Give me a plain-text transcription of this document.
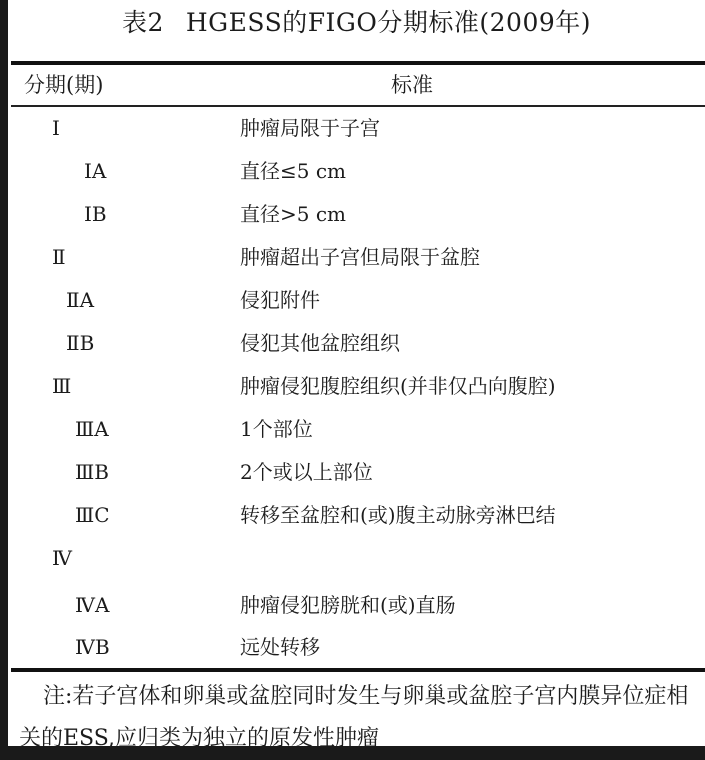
表2 HGESS的FIGO分期标准(2009年)
分期(期)	标准
Ⅰ	肿瘤局限于子宫
ⅠA	直径≤5 cm
ⅠB	直径>5 cm
Ⅱ	肿瘤超出子宫但局限于盆腔
ⅡA	侵犯附件
ⅡB	侵犯其他盆腔组织
Ⅲ	肿瘤侵犯腹腔组织(并非仅凸向腹腔)
ⅢA	1个部位
ⅢB	2个或以上部位
ⅢC	转移至盆腔和(或)腹主动脉旁淋巴结
Ⅳ
ⅣA	肿瘤侵犯膀胱和(或)直肠
ⅣB	远处转移
注:若子宫体和卵巢或盆腔同时发生与卵巢或盆腔子宫内膜异位症相关的ESS,应归类为独立的原发性肿瘤
